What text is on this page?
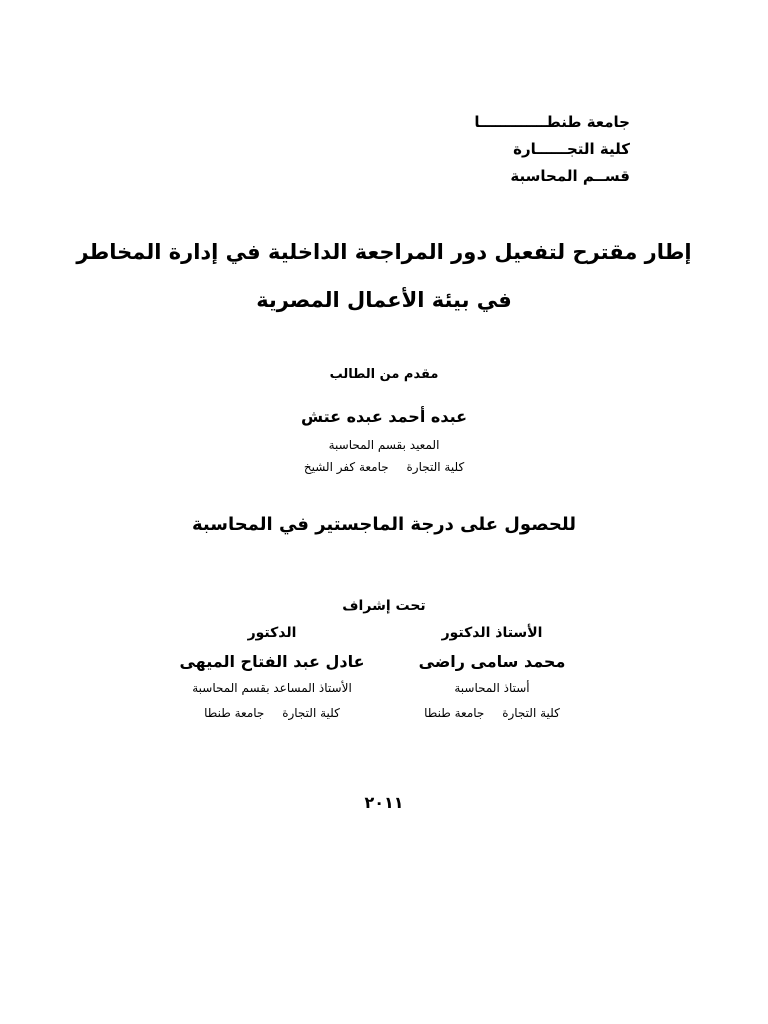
جامعة طنطـــــــــــــا
كلية التجــــــارة
قســم المحاسبة
إطار مقترح لتفعيل دور المراجعة الداخلية في إدارة المخاطر
في بيئة الأعمال المصرية
مقدم من الطالب
عبده أحمد عبده عتش
المعيد بقسم المحاسبة
كلية التجارة جامعة كفر الشيخ
للحصول على درجة الماجستير في المحاسبة
تحت إشراف
الأستاذ الدكتور
محمد سامى راضى
أستاذ المحاسبة
كلية التجارة جامعة طنطا
الدكتور
عادل عبد الفتاح الميهى
الأستاذ المساعد بقسم المحاسبة
كلية التجارة جامعة طنطا
٢٠١١
